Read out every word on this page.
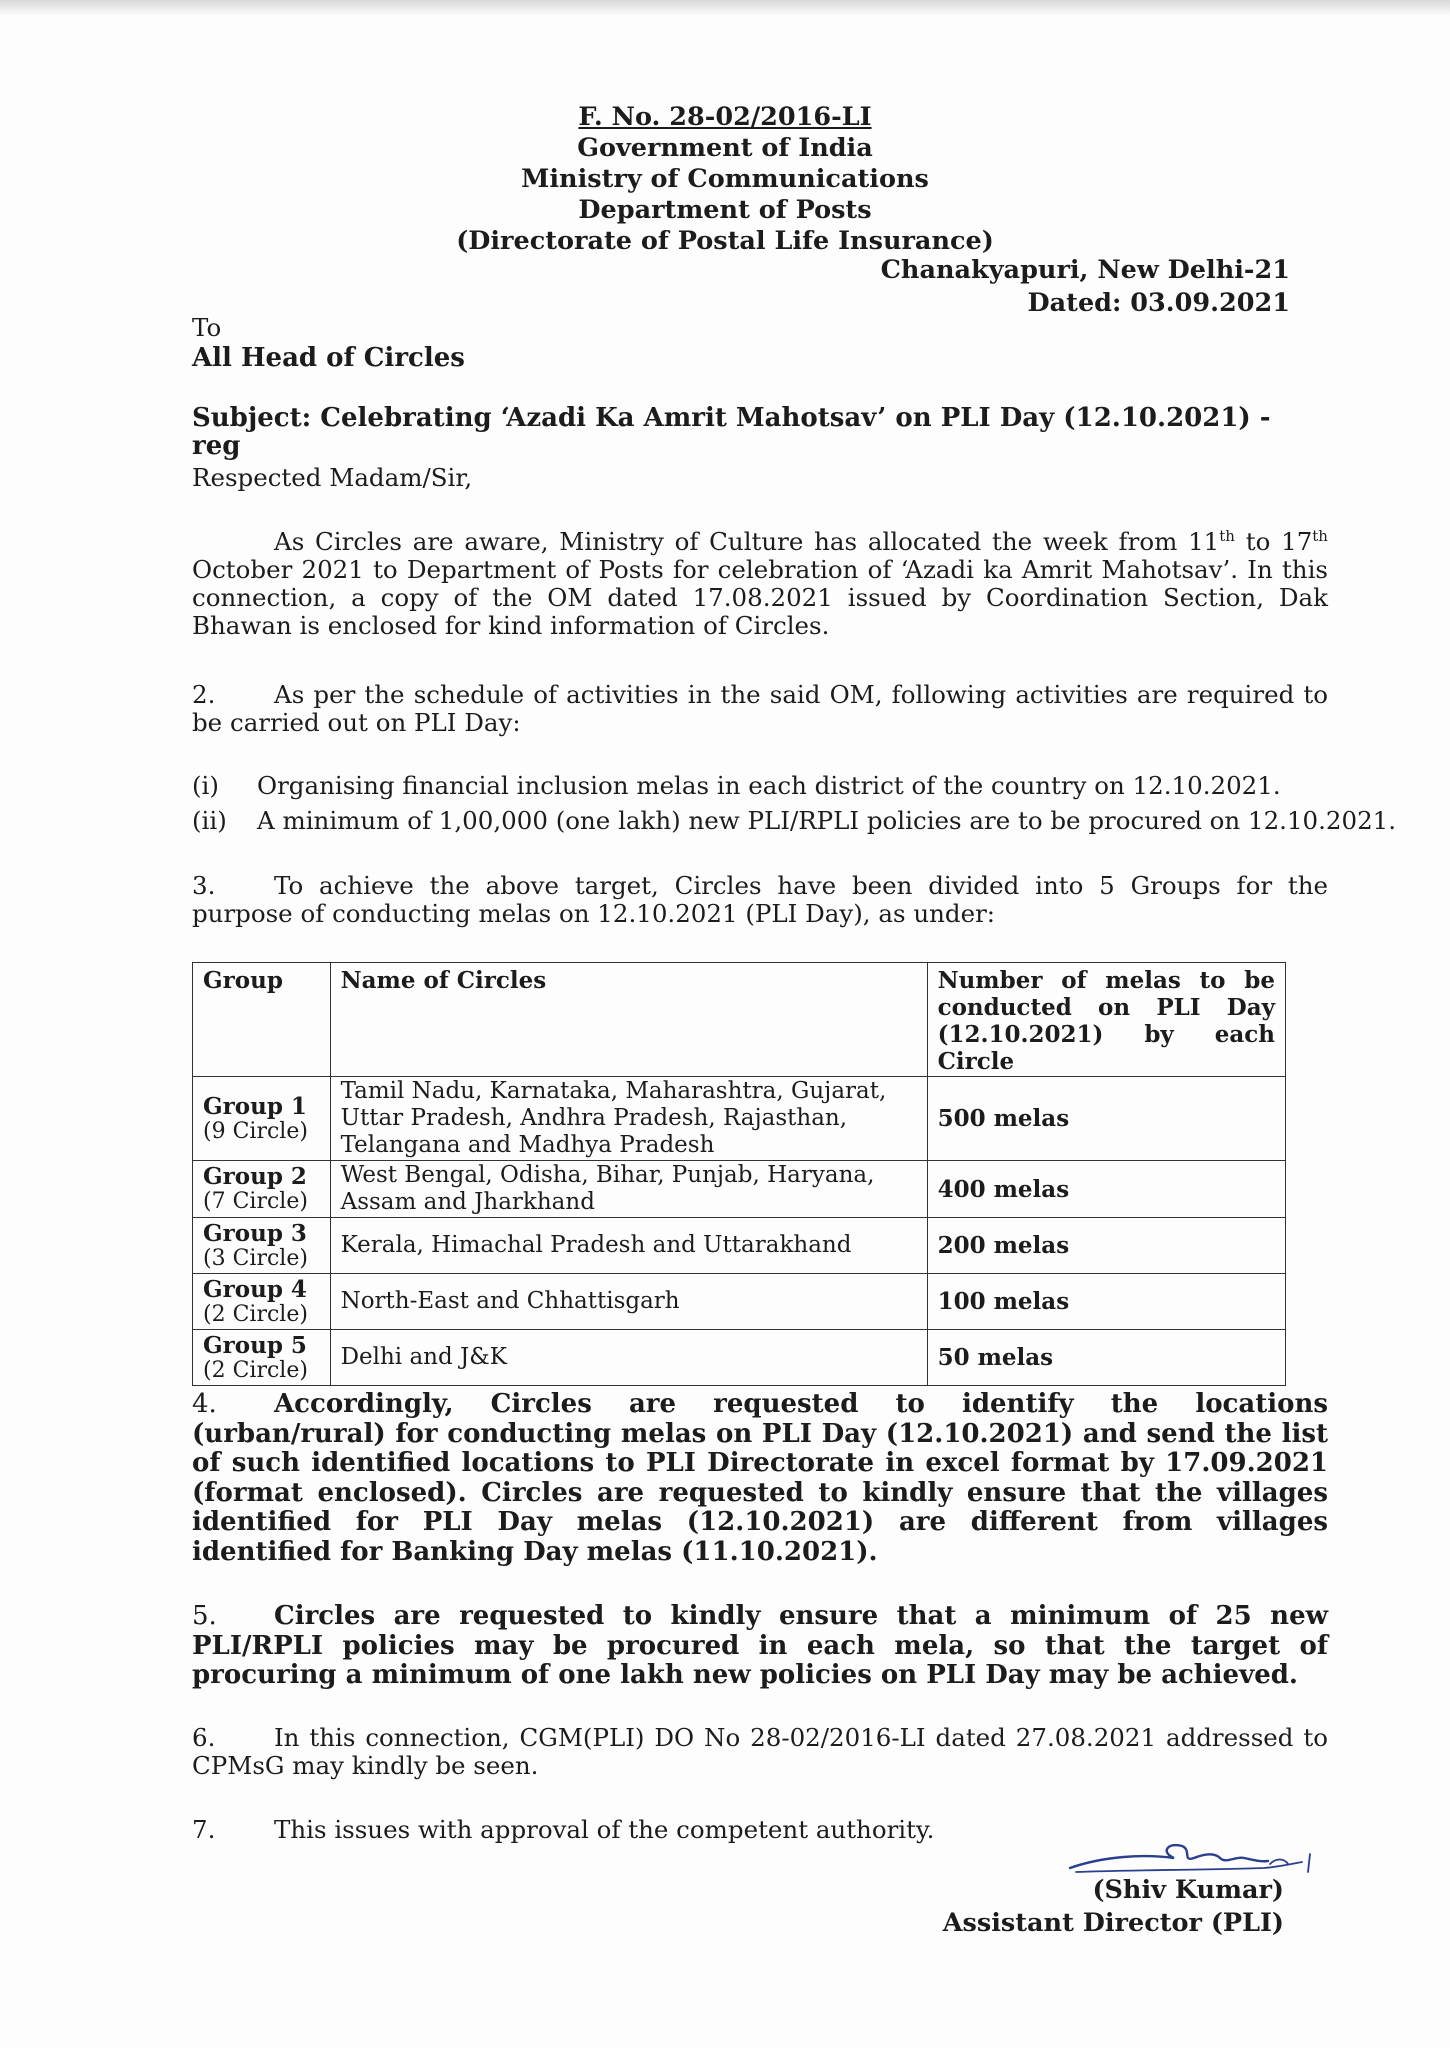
F. No. 28-02/2016-LI
Government of India
Ministry of Communications
Department of Posts
(Directorate of Postal Life Insurance)
Chanakyapuri, New Delhi-21
Dated: 03.09.2021
To
All Head of Circles
Subject: Celebrating ‘Azadi Ka Amrit Mahotsav’ on PLI Day (12.10.2021) - reg
Respected Madam/Sir,
As Circles are aware, Ministry of Culture has allocated the week from 11th to 17th October 2021 to Department of Posts for celebration of ‘Azadi ka Amrit Mahotsav’. In this connection, a copy of the OM dated 17.08.2021 issued by Coordination Section, Dak Bhawan is enclosed for kind information of Circles.
2. As per the schedule of activities in the said OM, following activities are required to be carried out on PLI Day:
(i) Organising financial inclusion melas in each district of the country on 12.10.2021.
(ii) A minimum of 1,00,000 (one lakh) new PLI/RPLI policies are to be procured on 12.10.2021.
3. To achieve the above target, Circles have been divided into 5 Groups for the purpose of conducting melas on 12.10.2021 (PLI Day), as under:
Group	Name of Circles	Number of melas to be conducted on PLI Day (12.10.2021) by each Circle

Group 1
(9 Circle)	Tamil Nadu, Karnataka, Maharashtra, Gujarat, Uttar Pradesh, Andhra Pradesh, Rajasthan, Telangana and Madhya Pradesh	500 melas

Group 2
(7 Circle)	West Bengal, Odisha, Bihar, Punjab, Haryana, Assam and Jharkhand	400 melas

Group 3
(3 Circle)	Kerala, Himachal Pradesh and Uttarakhand	200 melas

Group 4
(2 Circle)	North-East and Chhattisgarh	100 melas

Group 5
(2 Circle)	Delhi and J&K	50 melas
4. Accordingly, Circles are requested to identify the locations (urban/rural) for conducting melas on PLI Day (12.10.2021) and send the list of such identified locations to PLI Directorate in excel format by 17.09.2021 (format enclosed). Circles are requested to kindly ensure that the villages identified for PLI Day melas (12.10.2021) are different from villages identified for Banking Day melas (11.10.2021).
5. Circles are requested to kindly ensure that a minimum of 25 new PLI/RPLI policies may be procured in each mela, so that the target of procuring a minimum of one lakh new policies on PLI Day may be achieved.
6. In this connection, CGM(PLI) DO No 28-02/2016-LI dated 27.08.2021 addressed to CPMsG may kindly be seen.
7. This issues with approval of the competent authority.
(Shiv Kumar)
Assistant Director (PLI)
